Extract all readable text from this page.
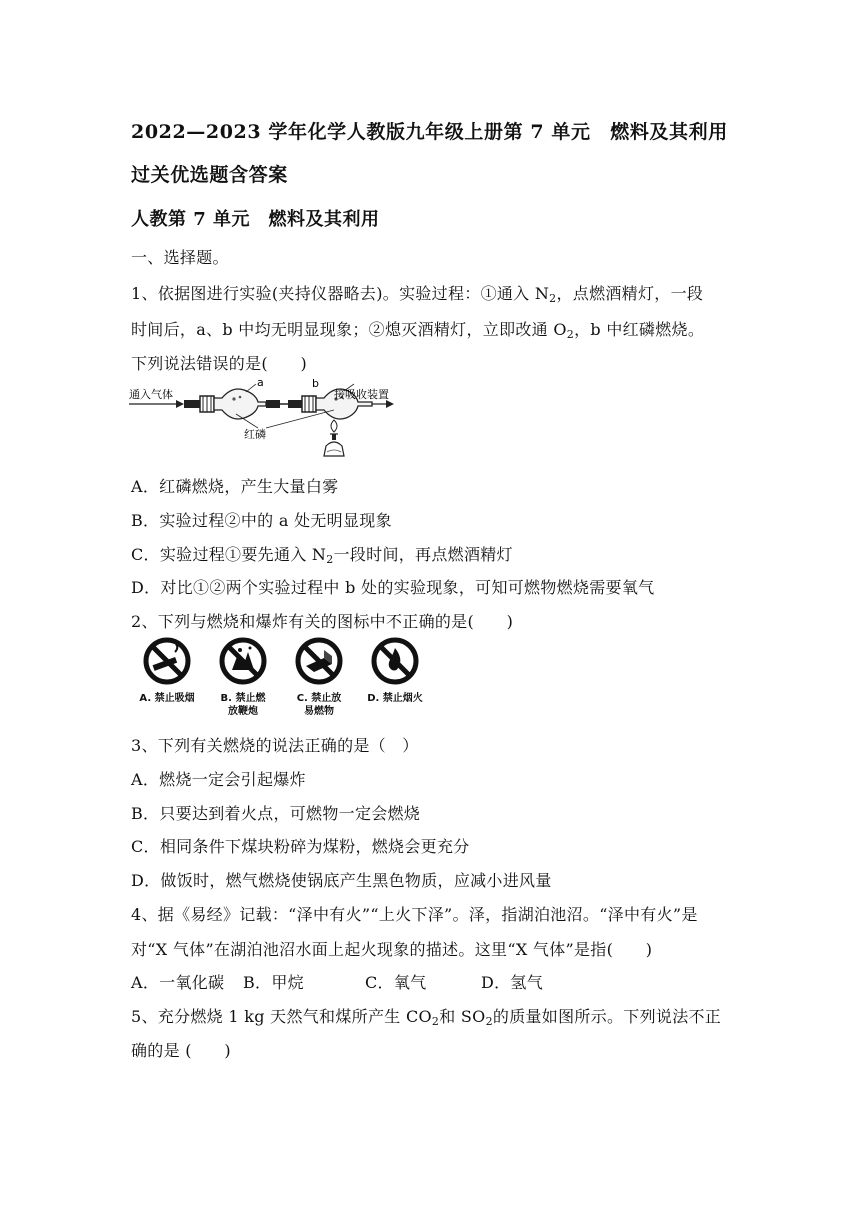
2022—2023 学年化学人教版九年级上册第 7 单元　燃料及其利用
过关优选题含答案
人教第 7 单元　燃料及其利用
一、选择题。
1、依据图进行实验(夹持仪器略去)。实验过程：①通入 $N_2$，点燃酒精灯，一段
时间后，a、b 中均无明显现象；②熄灭酒精灯，立即改通 $O_2$，b 中红磷燃烧。
下列说法错误的是(　　)
通入气体
a	b
接吸收装置
红磷
A．红磷燃烧，产生大量白雾
B．实验过程②中的 a 处无明显现象
C．实验过程①要先通入 $N_2$一段时间，再点燃酒精灯
D．对比①②两个实验过程中 b 处的实验现象，可知可燃物燃烧需要氧气
2、下列与燃烧和爆炸有关的图标中不正确的是(　　)
A. 禁止吸烟	B. 禁止燃
放鞭炮
C. 禁止放
易燃物
D. 禁止烟火
3、下列有关燃烧的说法正确的是（　）
A．燃烧一定会引起爆炸
B．只要达到着火点，可燃物一定会燃烧
C．相同条件下煤块粉碎为煤粉，燃烧会更充分
D．做饭时，燃气燃烧使锅底产生黑色物质，应减小进风量
4、据《易经》记载：“泽中有火”“上火下泽”。泽，指湖泊池沼。“泽中有火”是
对“X 气体”在湖泊池沼水面上起火现象的描述。这里“X 气体”是指(　　)
A．一氧化碳 B．甲烷	C．氧气	D．氢气
5、充分燃烧 1 kg 天然气和煤所产生 $CO_2$和 $SO_2$的质量如图所示。下列说法不正
确的是 (　　)
